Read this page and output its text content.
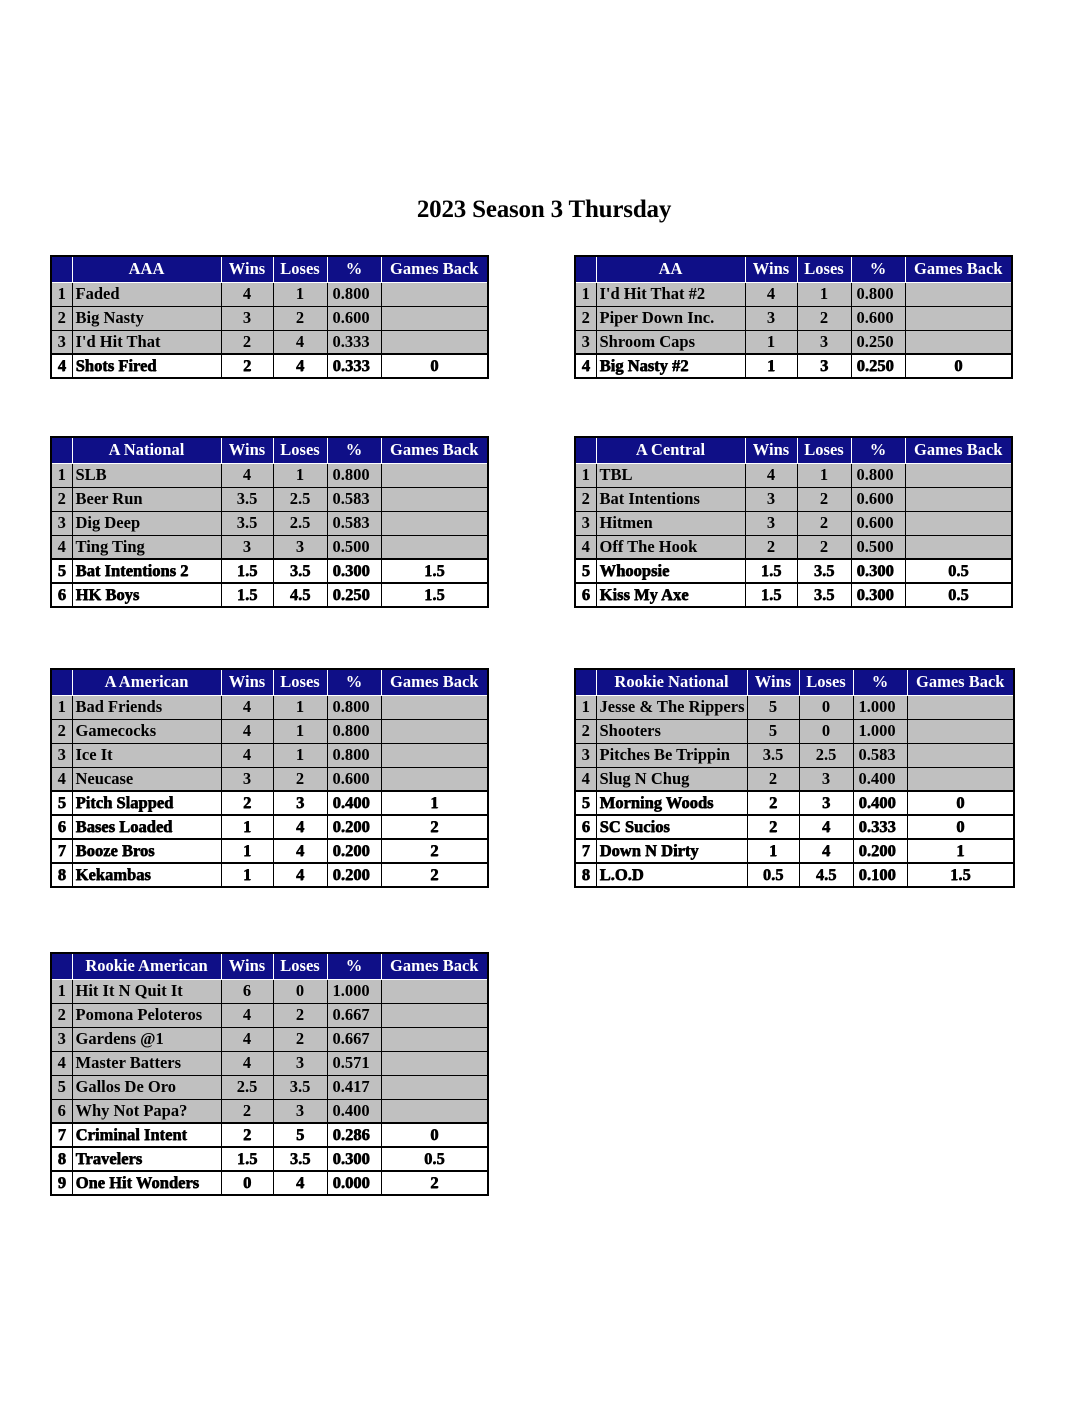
2023 Season 3 Thursday
	AAA	Wins	Loses	%	Games Back
1	Faded	4	1	0.800	
2	Big Nasty	3	2	0.600	
3	I'd Hit That	2	4	0.333	
4	Shots Fired	2	4	0.333	0
	AA	Wins	Loses	%	Games Back
1	I'd Hit That #2	4	1	0.800	
2	Piper Down Inc.	3	2	0.600	
3	Shroom Caps	1	3	0.250	
4	Big Nasty #2	1	3	0.250	0
	A National	Wins	Loses	%	Games Back
1	SLB	4	1	0.800	
2	Beer Run	3.5	2.5	0.583	
3	Dig Deep	3.5	2.5	0.583	
4	Ting Ting	3	3	0.500	
5	Bat Intentions 2	1.5	3.5	0.300	1.5
6	HK Boys	1.5	4.5	0.250	1.5
	A Central	Wins	Loses	%	Games Back
1	TBL	4	1	0.800	
2	Bat Intentions	3	2	0.600	
3	Hitmen	3	2	0.600	
4	Off The Hook	2	2	0.500	
5	Whoopsie	1.5	3.5	0.300	0.5
6	Kiss My Axe	1.5	3.5	0.300	0.5
	A American	Wins	Loses	%	Games Back
1	Bad Friends	4	1	0.800	
2	Gamecocks	4	1	0.800	
3	Ice It	4	1	0.800	
4	Neucase	3	2	0.600	
5	Pitch Slapped	2	3	0.400	1
6	Bases Loaded	1	4	0.200	2
7	Booze Bros	1	4	0.200	2
8	Kekambas	1	4	0.200	2
	Rookie National	Wins	Loses	%	Games Back
1	Jesse & The Rippers	5	0	1.000	
2	Shooters	5	0	1.000	
3	Pitches Be Trippin	3.5	2.5	0.583	
4	Slug N Chug	2	3	0.400	
5	Morning Woods	2	3	0.400	0
6	SC Sucios	2	4	0.333	0
7	Down N Dirty	1	4	0.200	1
8	L.O.D	0.5	4.5	0.100	1.5
	Rookie American	Wins	Loses	%	Games Back
1	Hit It N Quit It	6	0	1.000	
2	Pomona Peloteros	4	2	0.667	
3	Gardens @1	4	2	0.667	
4	Master Batters	4	3	0.571	
5	Gallos De Oro	2.5	3.5	0.417	
6	Why Not Papa?	2	3	0.400	
7	Criminal Intent	2	5	0.286	0
8	Travelers	1.5	3.5	0.300	0.5
9	One Hit Wonders	0	4	0.000	2
